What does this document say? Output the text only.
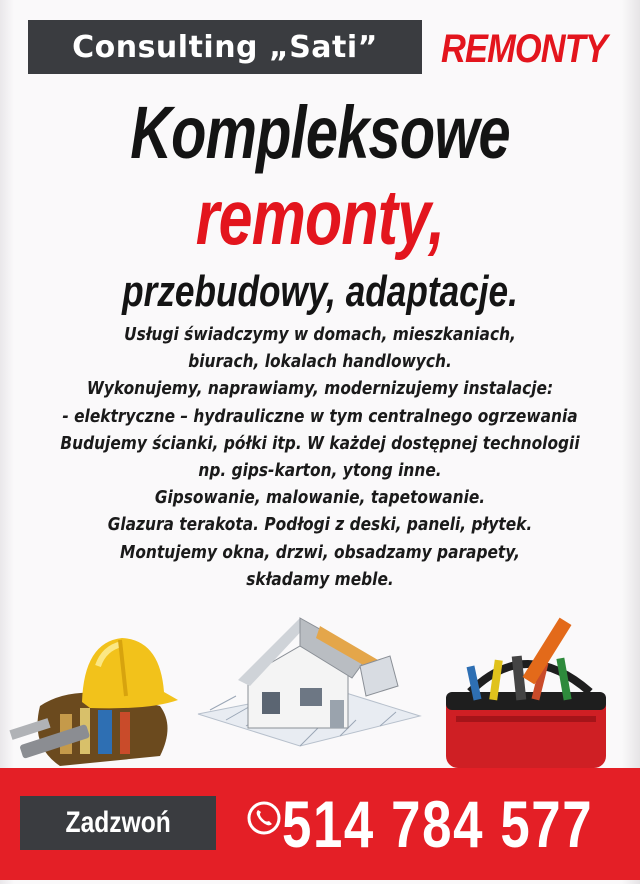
Consulting „Sati” REMONTY
Kompleksowe
remonty,
przebudowy, adaptacje.
Usługi świadczymy w domach, mieszkaniach,
biurach, lokalach handlowych.
Wykonujemy, naprawiamy, modernizujemy instalacje:
- elektryczne – hydrauliczne w tym centralnego ogrzewania
Budujemy ścianki, półki itp. W każdej dostępnej technologii
np. gips-karton, ytong inne.
Gipsowanie, malowanie, tapetowanie.
Glazura terakota. Podłogi z deski, paneli, płytek.
Montujemy okna, drzwi, obsadzamy parapety,
składamy meble.
Zadzwoń 514 784 577
